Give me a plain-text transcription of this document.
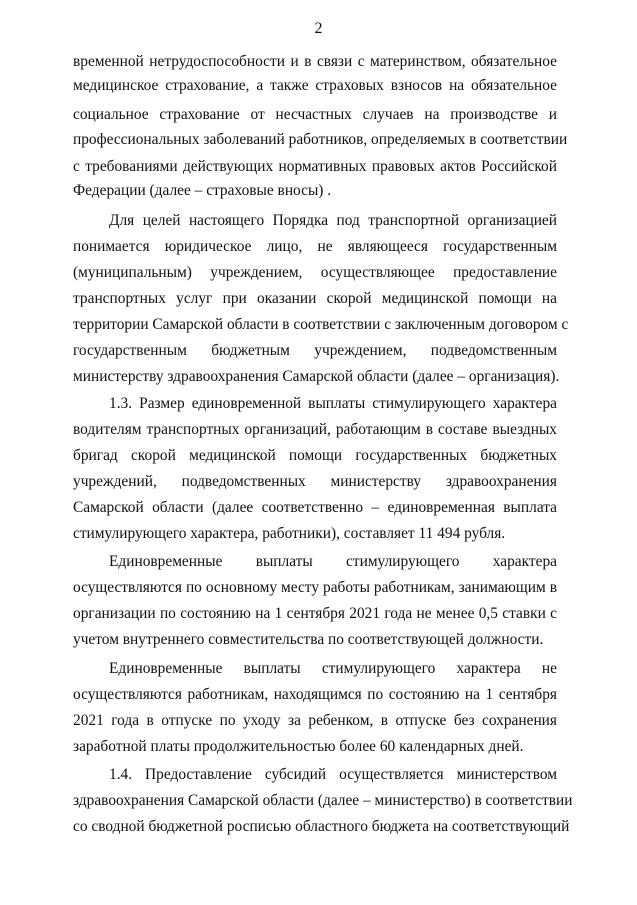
2
временной нетрудоспособности и в связи с материнством, обязательное
медицинское страхование, а также страховых взносов на обязательное
социальное страхование от несчастных случаев на производстве и
профессиональных заболеваний работников, определяемых в соответствии
с требованиями действующих нормативных правовых актов Российской
Федерации (далее – страховые вносы) .
Для целей настоящего Порядка под транспортной организацией
понимается юридическое лицо, не являющееся государственным
(муниципальным) учреждением, осуществляющее предоставление
транспортных услуг при оказании скорой медицинской помощи на
территории Самарской области в соответствии с заключенным договором с
государственным бюджетным учреждением, подведомственным
министерству здравоохранения Самарской области (далее – организация).
1.3. Размер единовременной выплаты стимулирующего характера
водителям транспортных организаций, работающим в составе выездных
бригад скорой медицинской помощи государственных бюджетных
учреждений, подведомственных министерству здравоохранения
Самарской области (далее соответственно – единовременная выплата
стимулирующего характера, работники), составляет 11 494 рубля.
Единовременные выплаты стимулирующего характера
осуществляются по основному месту работы работникам, занимающим в
организации по состоянию на 1 сентября 2021 года не менее 0,5 ставки с
учетом внутреннего совместительства по соответствующей должности.
Единовременные выплаты стимулирующего характера не
осуществляются работникам, находящимся по состоянию на 1 сентября
2021 года в отпуске по уходу за ребенком, в отпуске без сохранения
заработной платы продолжительностью более 60 календарных дней.
1.4. Предоставление субсидий осуществляется министерством
здравоохранения Самарской области (далее – министерство) в соответствии
со сводной бюджетной росписью областного бюджета на соответствующий
